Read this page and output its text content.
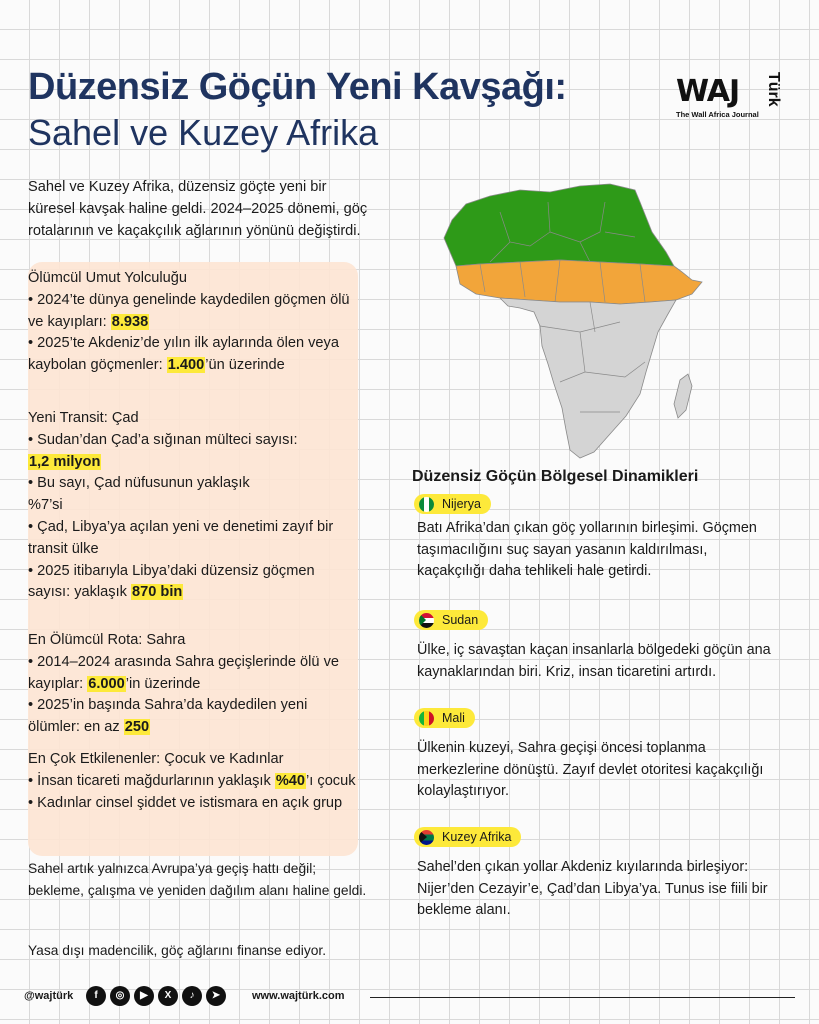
Düzensiz Göçün Yeni Kavşağı:
Sahel ve Kuzey Afrika
WAJ Türk
The Wall Africa Journal
Sahel ve Kuzey Afrika, düzensiz göçte yeni bir küresel kavşak haline geldi. 2024–2025 dönemi, göç rotalarının ve kaçakçılık ağlarının yönünü değiştirdi.

Ölümcül Umut Yolculuğu

• 2024’te dünya genelinde kaydedilen göçmen ölü ve kayıpları: 8.938

• 2025’te Akdeniz’de yılın ilk aylarında ölen veya kaybolan göçmenler: 1.400’ün üzerinde

Yeni Transit: Çad

• Sudan’dan Çad’a sığınan mülteci sayısı:
1,2 milyon

• Bu sayı, Çad nüfusunun yaklaşık %7’si

• Çad, Libya’ya açılan yeni ve denetimi zayıf bir transit ülke

• 2025 itibarıyla Libya’daki düzensiz göçmen sayısı: yaklaşık 870 bin

En Ölümcül Rota: Sahra

• 2014–2024 arasında Sahra geçişlerinde ölü ve kayıplar: 6.000’in üzerinde

• 2025’in başında Sahra’da kaydedilen yeni ölümler: en az 250

En Çok Etkilenenler: Çocuk ve Kadınlar

• İnsan ticareti mağdurlarının yaklaşık %40’ı çocuk

• Kadınlar cinsel şiddet ve istismara en açık grup

Sahel artık yalnızca Avrupa’ya geçiş hattı değil; bekleme, çalışma ve yeniden dağılım alanı haline geldi.
Yasa dışı madencilik, göç ağlarını finanse ediyor.
@wajtürk	f	◎	▶	X	♪	➤	www.wajtürk.com
Düzensiz Göçün Bölgesel Dinamikleri
Nijerya
Batı Afrika’dan çıkan göç yollarının birleşimi. Göçmen taşımacılığını suç sayan yasanın kaldırılması, kaçakçılığı daha tehlikeli hale getirdi.
Sudan
Ülke, iç savaştan kaçan insanlarla bölgedeki göçün ana kaynaklarından biri. Kriz, insan ticaretini artırdı.
Mali
Ülkenin kuzeyi, Sahra geçişi öncesi toplanma merkezlerine dönüştü. Zayıf devlet otoritesi kaçakçılığı kolaylaştırıyor.
Kuzey Afrika
Sahel’den çıkan yollar Akdeniz kıyılarında birleşiyor: Nijer’den Cezayir’e, Çad’dan Libya’ya. Tunus ise fiili bir bekleme alanı.
